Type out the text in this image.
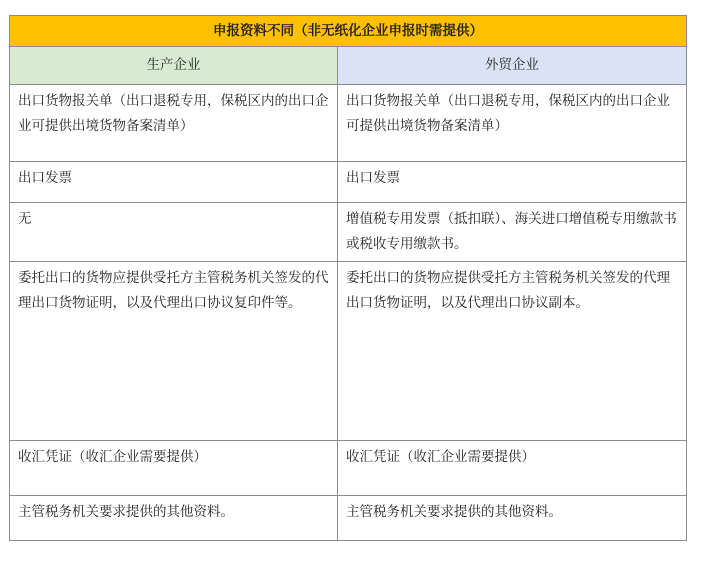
申报资料不同（非无纸化企业申报时需提供）	
生产企业	外贸企业
出口货物报关单（出口退税专用，保税区内的出口企业可提供出境货物备案清单）	出口货物报关单（出口退税专用，保税区内的出口企业可提供出境货物备案清单）
出口发票	出口发票
无	增值税专用发票（抵扣联）、海关进口增值税专用缴款书或税收专用缴款书。
委托出口的货物应提供受托方主管税务机关签发的代理出口货物证明，以及代理出口协议复印件等。	委托出口的货物应提供受托方主管税务机关签发的代理出口货物证明，以及代理出口协议副本。
收汇凭证（收汇企业需要提供）	收汇凭证（收汇企业需要提供）
主管税务机关要求提供的其他资料。	主管税务机关要求提供的其他资料。
